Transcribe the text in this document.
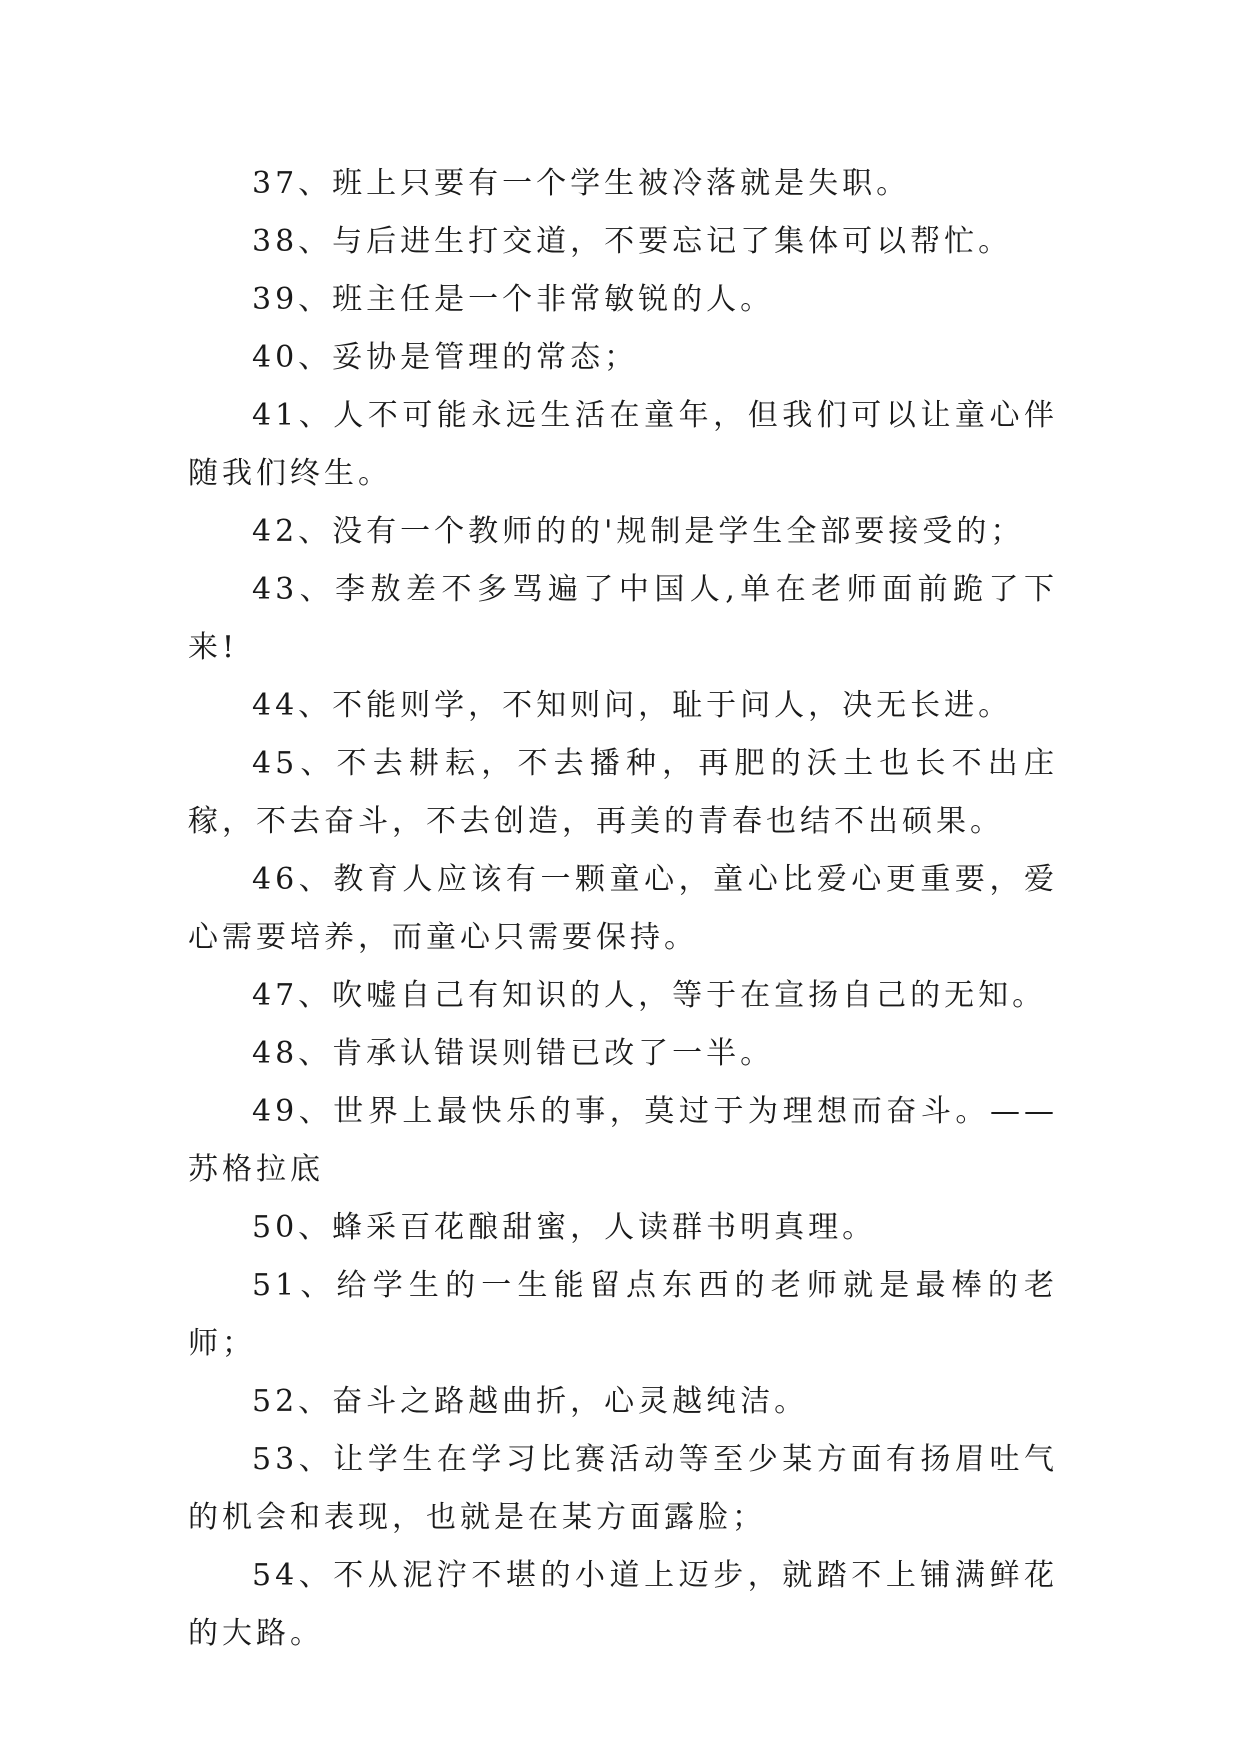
37、班上只要有一个学生被冷落就是失职。

38、与后进生打交道，不要忘记了集体可以帮忙。

39、班主任是一个非常敏锐的人。

40、妥协是管理的常态；

41、人不可能永远生活在童年，但我们可以让童心伴随我们终生。

42、没有一个教师的的'规制是学生全部要接受的；

43、李敖差不多骂遍了中国人,单在老师面前跪了下来!

44、不能则学，不知则问，耻于问人，决无长进。

45、不去耕耘，不去播种，再肥的沃土也长不出庄稼，不去奋斗，不去创造，再美的青春也结不出硕果。

46、教育人应该有一颗童心，童心比爱心更重要，爱心需要培养，而童心只需要保持。

47、吹嘘自己有知识的人，等于在宣扬自己的无知。

48、肯承认错误则错已改了一半。

49、世界上最快乐的事，莫过于为理想而奋斗。——苏格拉底

50、蜂采百花酿甜蜜，人读群书明真理。

51、给学生的一生能留点东西的老师就是最棒的老师；

52、奋斗之路越曲折，心灵越纯洁。

53、让学生在学习比赛活动等至少某方面有扬眉吐气的机会和表现，也就是在某方面露脸；

54、不从泥泞不堪的小道上迈步，就踏不上铺满鲜花的大路。
